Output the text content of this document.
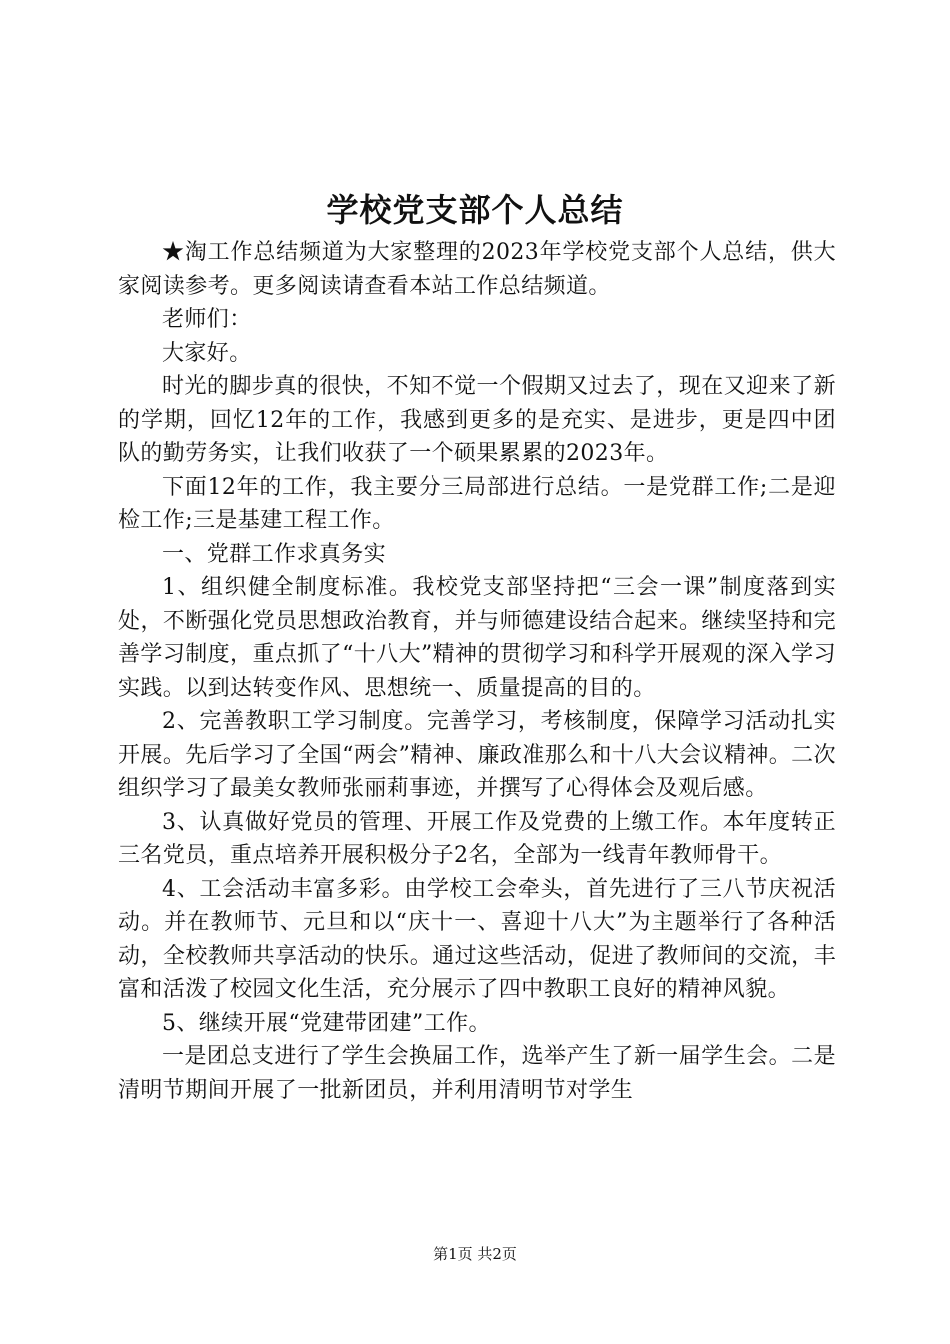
学校党支部个人总结

★淘工作总结频道为大家整理的2023年学校党支部个人总结，供大家阅读参考。更多阅读请查看本站工作总结频道。

老师们：

大家好。

时光的脚步真的很快，不知不觉一个假期又过去了，现在又迎来了新的学期，回忆12年的工作，我感到更多的是充实、是进步，更是四中团队的勤劳务实，让我们收获了一个硕果累累的2023年。

下面12年的工作，我主要分三局部进行总结。一是党群工作;二是迎检工作;三是基建工程工作。

一、党群工作求真务实

1、组织健全制度标准。我校党支部坚持把“三会一课”制度落到实处，不断强化党员思想政治教育，并与师德建设结合起来。继续坚持和完善学习制度，重点抓了“十八大”精神的贯彻学习和科学开展观的深入学习实践。以到达转变作风、思想统一、质量提高的目的。

2、完善教职工学习制度。完善学习，考核制度，保障学习活动扎实开展。先后学习了全国“两会”精神、廉政准那么和十八大会议精神。二次组织学习了最美女教师张丽莉事迹，并撰写了心得体会及观后感。

3、认真做好党员的管理、开展工作及党费的上缴工作。本年度转正三名党员，重点培养开展积极分子2名，全部为一线青年教师骨干。

4、工会活动丰富多彩。由学校工会牵头，首先进行了三八节庆祝活动。并在教师节、元旦和以“庆十一、喜迎十八大”为主题举行了各种活动，全校教师共享活动的快乐。通过这些活动，促进了教师间的交流，丰富和活泼了校园文化生活，充分展示了四中教职工良好的精神风貌。

5、继续开展“党建带团建”工作。

一是团总支进行了学生会换届工作，选举产生了新一届学生会。二是清明节期间开展了一批新团员，并利用清明节对学生

第1页 共2页
